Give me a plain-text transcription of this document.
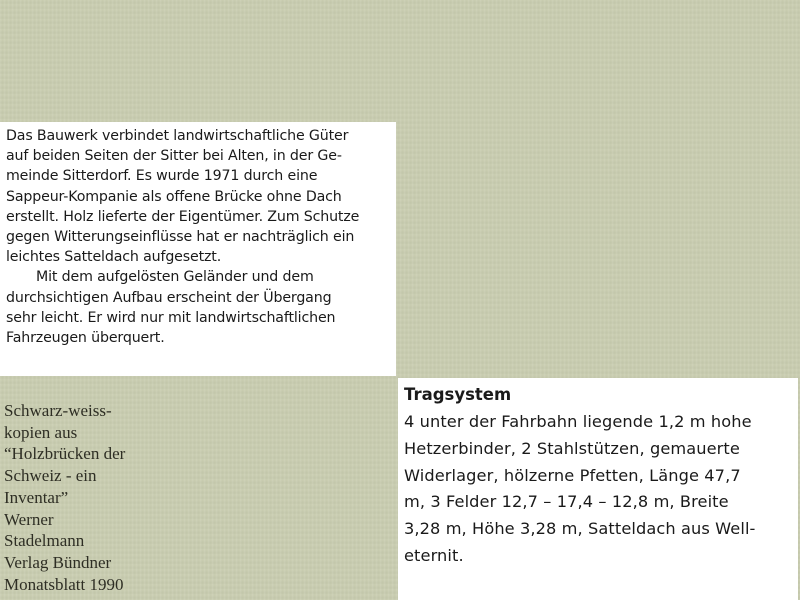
Das Bauwerk verbindet landwirtschaftliche Güter
auf beiden Seiten der Sitter bei Alten, in der Ge-
meinde Sitterdorf. Es wurde 1971 durch eine
Sappeur-Kompanie als offene Brücke ohne Dach
erstellt. Holz lieferte der Eigentümer. Zum Schutze
gegen Witterungseinflüsse hat er nachträglich ein
leichtes Satteldach aufgesetzt.

Mit dem aufgelösten Geländer und dem
durchsichtigen Aufbau erscheint der Übergang
sehr leicht. Er wird nur mit landwirtschaftlichen
Fahrzeugen überquert.

Tragsystem

4 unter der Fahrbahn liegende 1,2 m hohe
Hetzerbinder, 2 Stahlstützen, gemauerte
Widerlager, hölzerne Pfetten, Länge 47,7
m, 3 Felder 12,7 – 17,4 – 12,8 m, Breite
3,28 m, Höhe 3,28 m, Satteldach aus Well-
eternit.

Schwarz-weiss-
kopien aus
“Holzbrücken der
Schweiz - ein
Inventar”
Werner
Stadelmann
Verlag Bündner
Monatsblatt 1990
